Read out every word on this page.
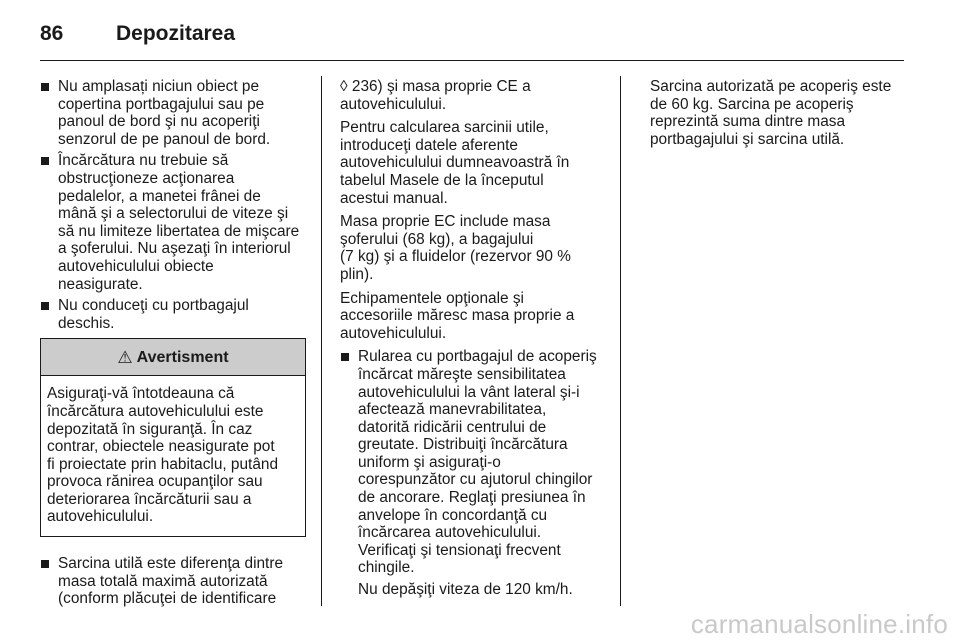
86	Depozitarea
Nu amplasați niciun obiect pe
copertina portbagajului sau pe
panoul de bord şi nu acoperiţi
senzorul de pe panoul de bord.
Încărcătura nu trebuie să
obstrucţioneze acţionarea
pedalelor, a manetei frânei de
mână şi a selectorului de viteze şi
să nu limiteze libertatea de mişcare
a şoferului. Nu aşezaţi în interiorul
autovehiculului obiecte
neasigurate.
Nu conduceţi cu portbagajul
deschis.
⚠ Avertisment
Asiguraţi-vă întotdeauna că
încărcătura autovehiculului este
depozitată în siguranţă. În caz
contrar, obiectele neasigurate pot
fi proiectate prin habitaclu, putând
provoca rănirea ocupanţilor sau
deteriorarea încărcăturii sau a
autovehiculului.
Sarcina utilă este diferenţa dintre
masa totală maximă autorizată
(conform plăcuţei de identificare
◊ 236) şi masa proprie CE a
autovehiculului.
Pentru calcularea sarcinii utile,
introduceţi datele aferente
autovehiculului dumneavoastră în
tabelul Masele de la începutul
acestui manual.
Masa proprie EC include masa
şoferului (68 kg), a bagajului
(7 kg) şi a fluidelor (rezervor 90 %
plin).
Echipamentele opţionale şi
accesoriile măresc masa proprie a
autovehiculului.
Rularea cu portbagajul de acoperiş
încărcat măreşte sensibilitatea
autovehiculului la vânt lateral şi-i
afectează manevrabilitatea,
datorită ridicării centrului de
greutate. Distribuiţi încărcătura
uniform şi asiguraţi-o
corespunzător cu ajutorul chingilor
de ancorare. Reglaţi presiunea în
anvelope în concordanţă cu
încărcarea autovehiculului.
Verificaţi şi tensionaţi frecvent
chingile.
Nu depăşiţi viteza de 120 km/h.
Sarcina autorizată pe acoperiş este
de 60 kg. Sarcina pe acoperiş
reprezintă suma dintre masa
portbagajului şi sarcina utilă.
carmanualsonline.info
